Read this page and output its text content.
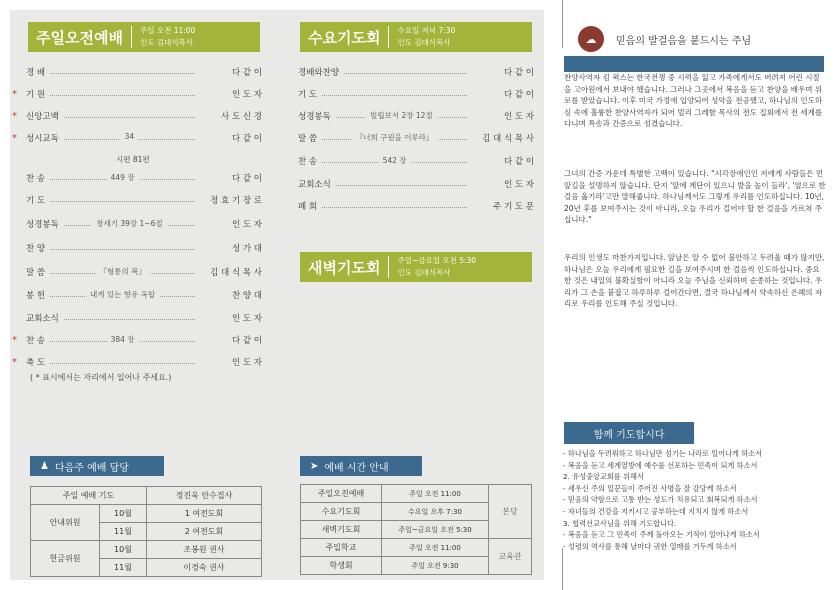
주일오전예배 주일 오전 11:00
인도 김대식목사
경 배	다 같 이
* 기 원	인 도 자
* 신앙고백	사 도 신 경
* 성시교독	34	다 같 이
찬 송	449 장	다 같 이
기 도	정 효 기 장 로
성경봉독	창세기 39장 1~6절	인 도 자
찬 양	성 가 대
말 씀	『형통의 복』	김 대 식 목 사
봉 헌	내게 있는 향유 옥합	찬 양 대
교회소식	인 도 자
* 찬 송	384 장	다 같 이
* 축 도	인 도 자
시편 81편
( * 표시에서는 자리에서 일어나 주세요.)
수요기도회 수요일 저녁 7:30
인도 김대식목사
경배와찬양	다 같 이
기 도	다 같 이
성경봉독	빌립보서 2장 12절	인 도 자
말 씀	『너희 구원을 이루라』	김 대 식 목 사
찬 송	542 장	다 같 이
교회소식	인 도 자
폐 회	주 기 도 문
새벽기도회 주일~금요일 오전 5:30
인도 김대식목사
♟ 다음주 예배 담당
주일 예배 기도		정진욱 안수집사
안내위원	10월	1 여전도회
	11월	2 여전도회
헌금위원	10월	조봉원 권사
	11월	이경숙 권사
➤ 예배 시간 안내
주일오전예배	주일 오전 11:00	본당
수요기도회	수요일 오후 7:30	
새벽기도회	주일~금요일 오전 5:30	
주일학교	주일 오전 11:00	교육관
학생회	주일 오전 9:30	
☁	믿음의 발걸음을 붙드시는 주님
찬양사역자 킴 윅스는 한국전쟁 중 시력을 잃고 가족에게서도 버려져 어린 시절을 고아원에서 보내야 했습니다. 그러나 그곳에서 복음을 듣고 찬양을 배우며 위로를 받았습니다. 이후 미국 가정에 입양되어 성악을 전공했고, 하나님의 인도하심 속에 훌륭한 찬양사역자가 되어 빌리 그레함 목사의 전도 집회에서 전 세계를 다니며 특송과 간증으로 섬겼습니다.
그녀의 간증 가운데 특별한 고백이 있습니다. "시각장애인인 저에게 사람들은 먼 앞길을 설명하지 않습니다. 단지 '앞에 계단이 있으니 발을 높이 들라', '옆으로 한 걸음 옮기라'고만 말해줍니다. 하나님께서도 그렇게 우리를 인도하십니다. 10년, 20년 후를 보여주시는 것이 아니라, 오늘 우리가 걸어야 할 한 걸음을 가르쳐 주십니다."
우리의 인생도 마찬가지입니다. 앞날은 알 수 없어 불안하고 두려울 때가 많지만, 하나님은 오늘 우리에게 필요한 길을 보여주시며 한 걸음씩 인도하십니다. 중요한 것은 내일의 불확실함이 아니라 오늘 주님을 신뢰하며 순종하는 것입니다. 우리가 그 손을 붙잡고 하루하루 걸어간다면, 결국 하나님께서 약속하신 은혜의 자리로 우리를 인도해 주실 것입니다.
함께 기도합시다
- 하나님을 두려워하고 하나님만 섬기는 나라로 일어나게 하소서
- 복음을 듣고 세계열방에 예수를 선포하는 민족이 되게 하소서
2. 유성중앙교회를 위해서
- 세우신 주의 일꾼들이 주어진 사명을 잘 감당케 하소서
- 믿음의 약함으로 고통 받는 성도가 치유되고 회복되게 하소서
- 자녀들의 건강을 지키시고 공부하는데 지치지 않게 하소서
3. 협력선교사님을 위해 기도합니다.
- 복음을 듣고 그 민족이 주께 돌아오는 기적이 일어나게 하소서
- 성령의 역사를 통해 날마다 귀한 열매를 거두게 하소서
